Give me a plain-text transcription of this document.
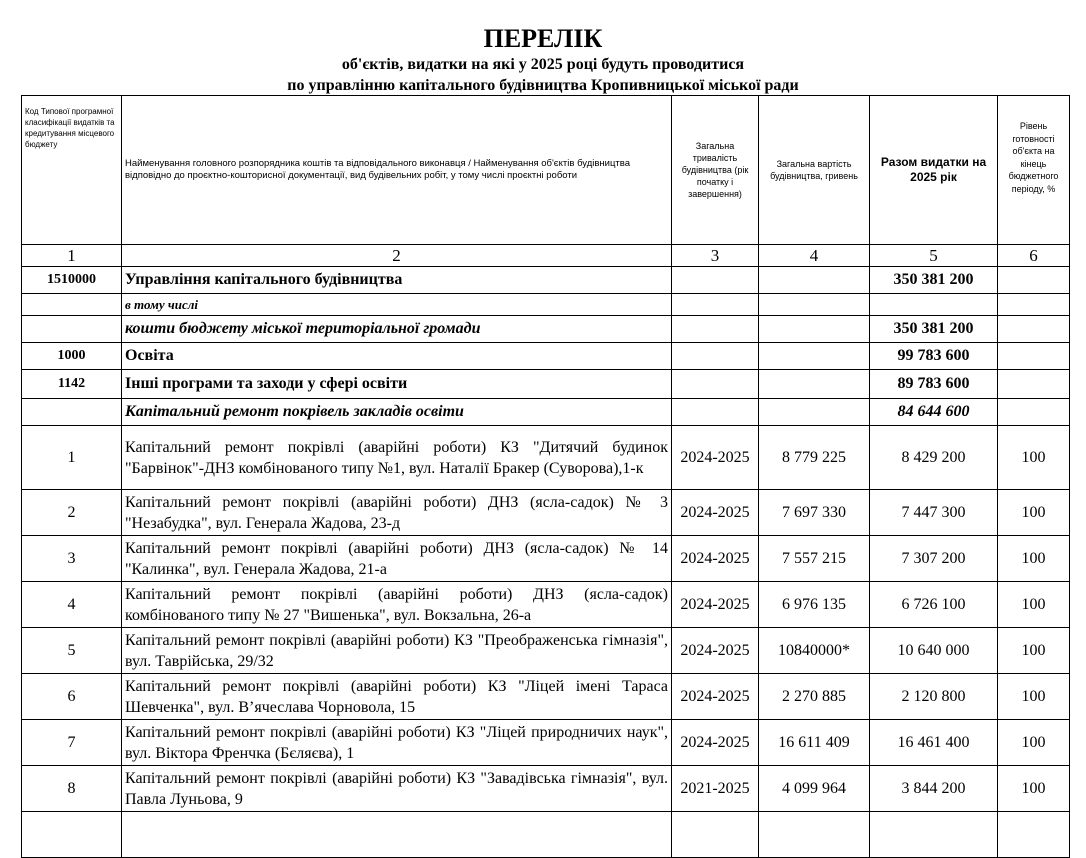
ПЕРЕЛІК
об'єктів, видатки на які у 2025 році будуть проводитися
по управлінню капітального будівництва Кропивницької міської ради
Код Типової програмної класифікації видатків та кредитування місцевого бюджету	Найменування головного розпорядника коштів та відповідального виконавця / Найменування об'єктів будівництва відповідно до проєктно-кошторисної документації, вид будівельних робіт, у тому числі проєктні роботи	Загальна тривалість будівництва (рік початку і завершення)	Загальна вартість будівництва, гривень	Разом видатки на 2025 рік	Рівень готовності об'єкта на кінець бюджетного періоду, %
1	2	3	4	5	6
1510000	Управління капітального будівництва			350 381 200	
	в тому числі				
	кошти бюджету міської територіальної громади			350 381 200	
1000	Освіта			99 783 600	
1142	Інші програми та заходи у сфері освіти			89 783 600	
	Капітальний ремонт покрівель закладів освіти			84 644 600	
1	Капітальний ремонт покрівлі (аварійні роботи) КЗ "Дитячий будинок "Барвінок"-ДНЗ комбінованого типу №1, вул. Наталії Бракер (Суворова),1-к	2024-2025	8 779 225	8 429 200	100
2	Капітальний ремонт покрівлі (аварійні роботи) ДНЗ (ясла-садок) № 3 "Незабудка", вул. Генерала Жадова, 23-д	2024-2025	7 697 330	7 447 300	100
3	Капітальний ремонт покрівлі (аварійні роботи) ДНЗ (ясла-садок) № 14 "Калинка", вул. Генерала Жадова, 21-а	2024-2025	7 557 215	7 307 200	100
4	Капітальний ремонт покрівлі (аварійні роботи) ДНЗ (ясла-садок) комбінованого типу № 27 "Вишенька", вул. Вокзальна, 26-а	2024-2025	6 976 135	6 726 100	100
5	Капітальний ремонт покрівлі (аварійні роботи) КЗ "Преображенська гімназія", вул. Таврійська, 29/32	2024-2025	10840000*	10 640 000	100
6	Капітальний ремонт покрівлі (аварійні роботи) КЗ "Ліцей імені Тараса Шевченка", вул. В’ячеслава Чорновола, 15	2024-2025	2 270 885	2 120 800	100
7	Капітальний ремонт покрівлі (аварійні роботи) КЗ "Ліцей природничих наук", вул. Віктора Френчка (Бєляєва), 1	2024-2025	16 611 409	16 461 400	100
8	Капітальний ремонт покрівлі (аварійні роботи) КЗ "Завадівська гімназія", вул. Павла Луньова, 9	2021-2025	4 099 964	3 844 200	100
